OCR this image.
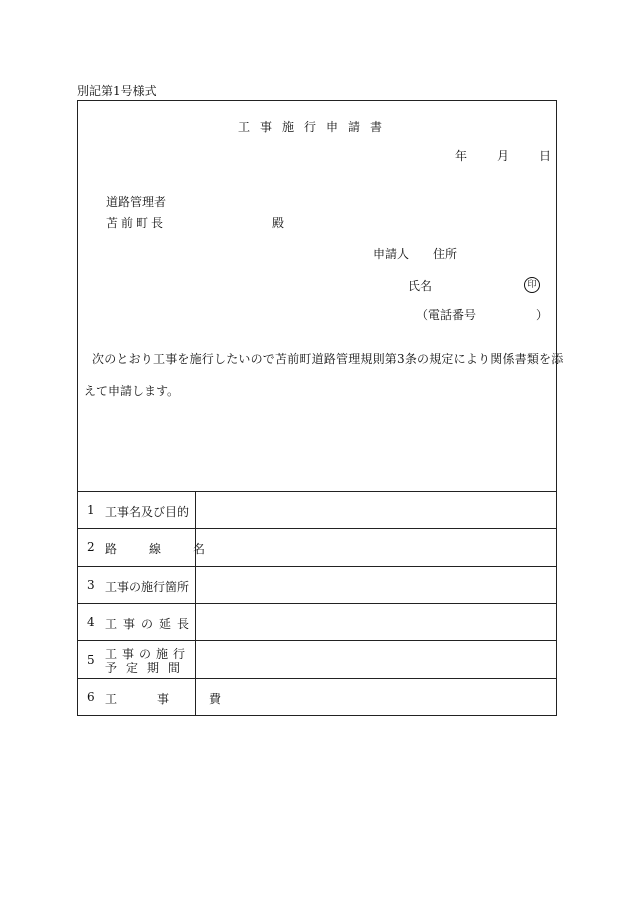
別記第1号様式
工事施行申請書
年	月	日
道路管理者
苫前町長	殿
申請人 住所
氏名	印
（電話番号　　　　　）
次のとおり工事を施行したいので苫前町道路管理規則第3条の規定により関係書類を添
えて申請します。
1 工事名及び目的
2 路　線　名
3 工事の施行箇所
4 工事の延長
5 工事の施行
予定期間
6 工　事　費
